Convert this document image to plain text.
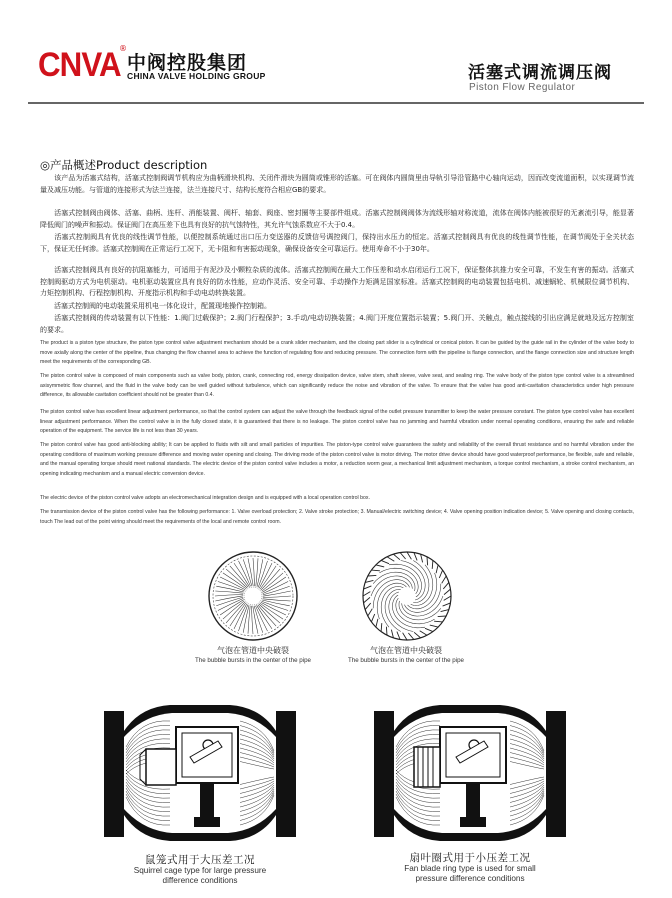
CNVA
®
中阀控股集团
CHINA VALVE HOLDING GROUP	活塞式调流调压阀
Piston Flow Regulator
◎产品概述Product description

　　该产品为活塞式结构，活塞式控制阀调节机构应为曲柄滑块机构、关闭件滑块为圆筒或锥形的活塞。可在阀体内圆筒里由导轨引导沿管路中心轴向运动，因而改变流道面积，以实现调节流量及减压功能。与管道的连接形式为法兰连接，法兰连接尺寸、结构长度符合相应GB的要求。

　　活塞式控制阀由阀体、活塞、曲柄、连杆、消能装置、阀杆、轴套、阀座、密封圈等主要部件组成。活塞式控制阀阀体为流线形轴对称流道，流体在阀体内能被很好的无紊流引导，能显著降低阀门的噪声和振动。保证阀门在高压差下也具有良好的抗气蚀特性，其允许气蚀系数应不大于0.4。

　　活塞式控制阀具有优良的线性调节性能，以便控制系统通过出口压力变送器的反馈信号调控阀门，保持出水压力的恒定。活塞式控制阀具有优良的线性调节性能，在调节阀处于全关状态下，保证无任何渗。活塞式控制阀在正常运行工况下，无卡阻和有害振动现象，确保设备安全可靠运行。使用寿命不小于30年。

　　活塞式控制阀具有良好的抗阻塞能力，可适用于有泥沙及小颗粒杂质的流体。活塞式控制阀在最大工作压差和动水启闭运行工况下，保证整体抗推力安全可靠，不发生有害的振动。活塞式控制阀驱动方式为电机驱动。电机驱动装置应具有良好的防水性能，应动作灵活、安全可靠、手动操作力矩满足国家标准。活塞式控制阀的电动装置包括电机、减速蜗轮、机械限位调节机构、力矩控制机构、行程控制机构、开度指示机构和手动电动转换装置。

　　活塞式控制阀的电动装置采用机电一体化设计，配置现地操作控制箱。

　　活塞式控制阀的传动装置有以下性能：1.阀门过载保护；2.阀门行程保护；3.手动/电动切换装置；4.阀门开度位置指示装置；5.阀门开、关触点，触点接线的引出应满足就地及远方控制室的要求。

The product is a piston type structure, the piston type control valve adjustment mechanism should be a crank slider mechanism, and the closing part slider is a cylindrical or conical piston. It can be guided by the guide rail in the cylinder of the valve body to move axially along the center of the pipeline, thus changing the flow channel area to achieve the function of regulating flow and reducing pressure. The connection form with the pipeline is flange connection, and the flange connection size and structure length meet the requirements of the corresponding GB.

The piston control valve is composed of main components such as valve body, piston, crank, connecting rod, energy dissipation device, valve stem, shaft sleeve, valve seat, and sealing ring. The valve body of the piston type control valve is a streamlined axisymmetric flow channel, and the fluid in the valve body can be well guided without turbulence, which can significantly reduce the noise and vibration of the valve. To ensure that the valve has good anti-cavitation characteristics under high pressure difference, its allowable cavitation coefficient should not be greater than 0.4.

The piston control valve has excellent linear adjustment performance, so that the control system can adjust the valve through the feedback signal of the outlet pressure transmitter to keep the water pressure constant. The piston type control valve has excellent linear adjustment performance. When the control valve is in the fully closed state, it is guaranteed that there is no leakage. The piston control valve has no jamming and harmful vibration under normal operating conditions, ensuring the safe and reliable operation of the equipment. The service life is not less than 30 years.

The piston control valve has good anti-blocking ability; It can be applied to fluids with silt and small particles of impurities. The piston-type control valve guarantees the safety and reliability of the overall thrust resistance and no harmful vibration under the operating conditions of maximum working pressure difference and moving water opening and closing. The driving mode of the piston control valve is motor driving. The motor drive device should have good waterproof performance, be flexible, safe and reliable, and the manual operating torque should meet national standards. The electric device of the piston control valve includes a motor, a reduction worm gear, a mechanical limit adjustment mechanism, a torque control mechanism, a stroke control mechanism, an opening indicating mechanism and a manual electric conversion device.

The electric device of the piston control valve adopts an electromechanical integration design and is equipped with a local operation control box.

The transmission device of the piston control valve has the following performance: 1. Valve overload protection; 2. Valve stroke protection; 3. Manual/electric switching device; 4. Valve opening position indication device; 5. Valve opening and closing contacts, touch The lead out of the point wiring should meet the requirements of the local and remote control room.

气泡在管道中央破裂
The bubble bursts in the center of the pipe
气泡在管道中央破裂
The bubble bursts in the center of the pipe
鼠笼式用于大压差工况
Squirrel cage type for large pressure
difference conditions
扇叶圈式用于小压差工况
Fan blade ring type is used for small
pressure difference conditions
